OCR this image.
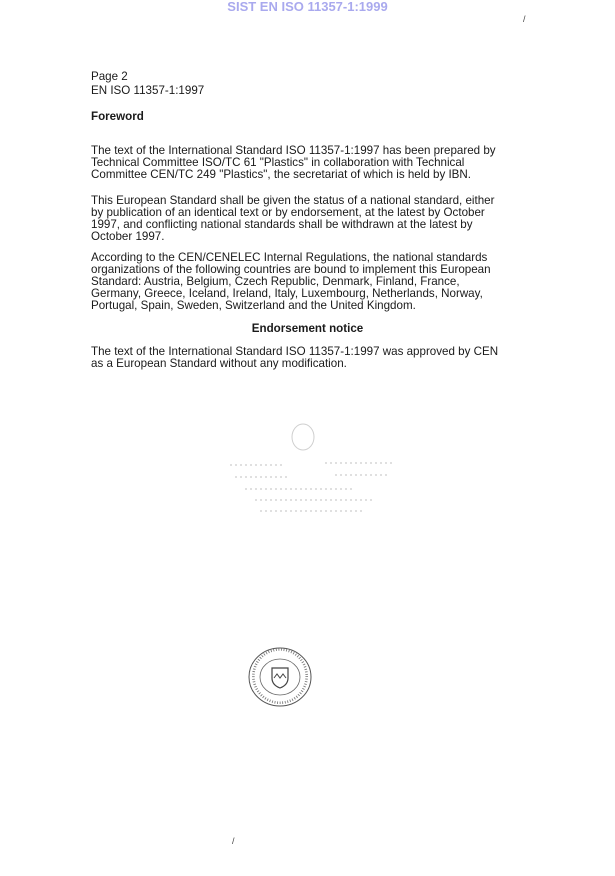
SIST EN ISO 11357-1:1999
/
/
Page 2
EN ISO 11357-1:1997
Foreword
The text of the International Standard ISO 11357-1:1997 has been prepared by
Technical Committee ISO/TC 61 "Plastics" in collaboration with Technical
Committee CEN/TC 249 "Plastics", the secretariat of which is held by IBN.
This European Standard shall be given the status of a national standard, either
by publication of an identical text or by endorsement, at the latest by October
1997, and conflicting national standards shall be withdrawn at the latest by
October 1997.
According to the CEN/CENELEC Internal Regulations, the national standards
organizations of the following countries are bound to implement this European
Standard: Austria, Belgium, Czech Republic, Denmark, Finland, France,
Germany, Greece, Iceland, Ireland, Italy, Luxembourg, Netherlands, Norway,
Portugal, Spain, Sweden, Switzerland and the United Kingdom.
Endorsement notice
The text of the International Standard ISO 11357-1:1997 was approved by CEN
as a European Standard without any modification.
